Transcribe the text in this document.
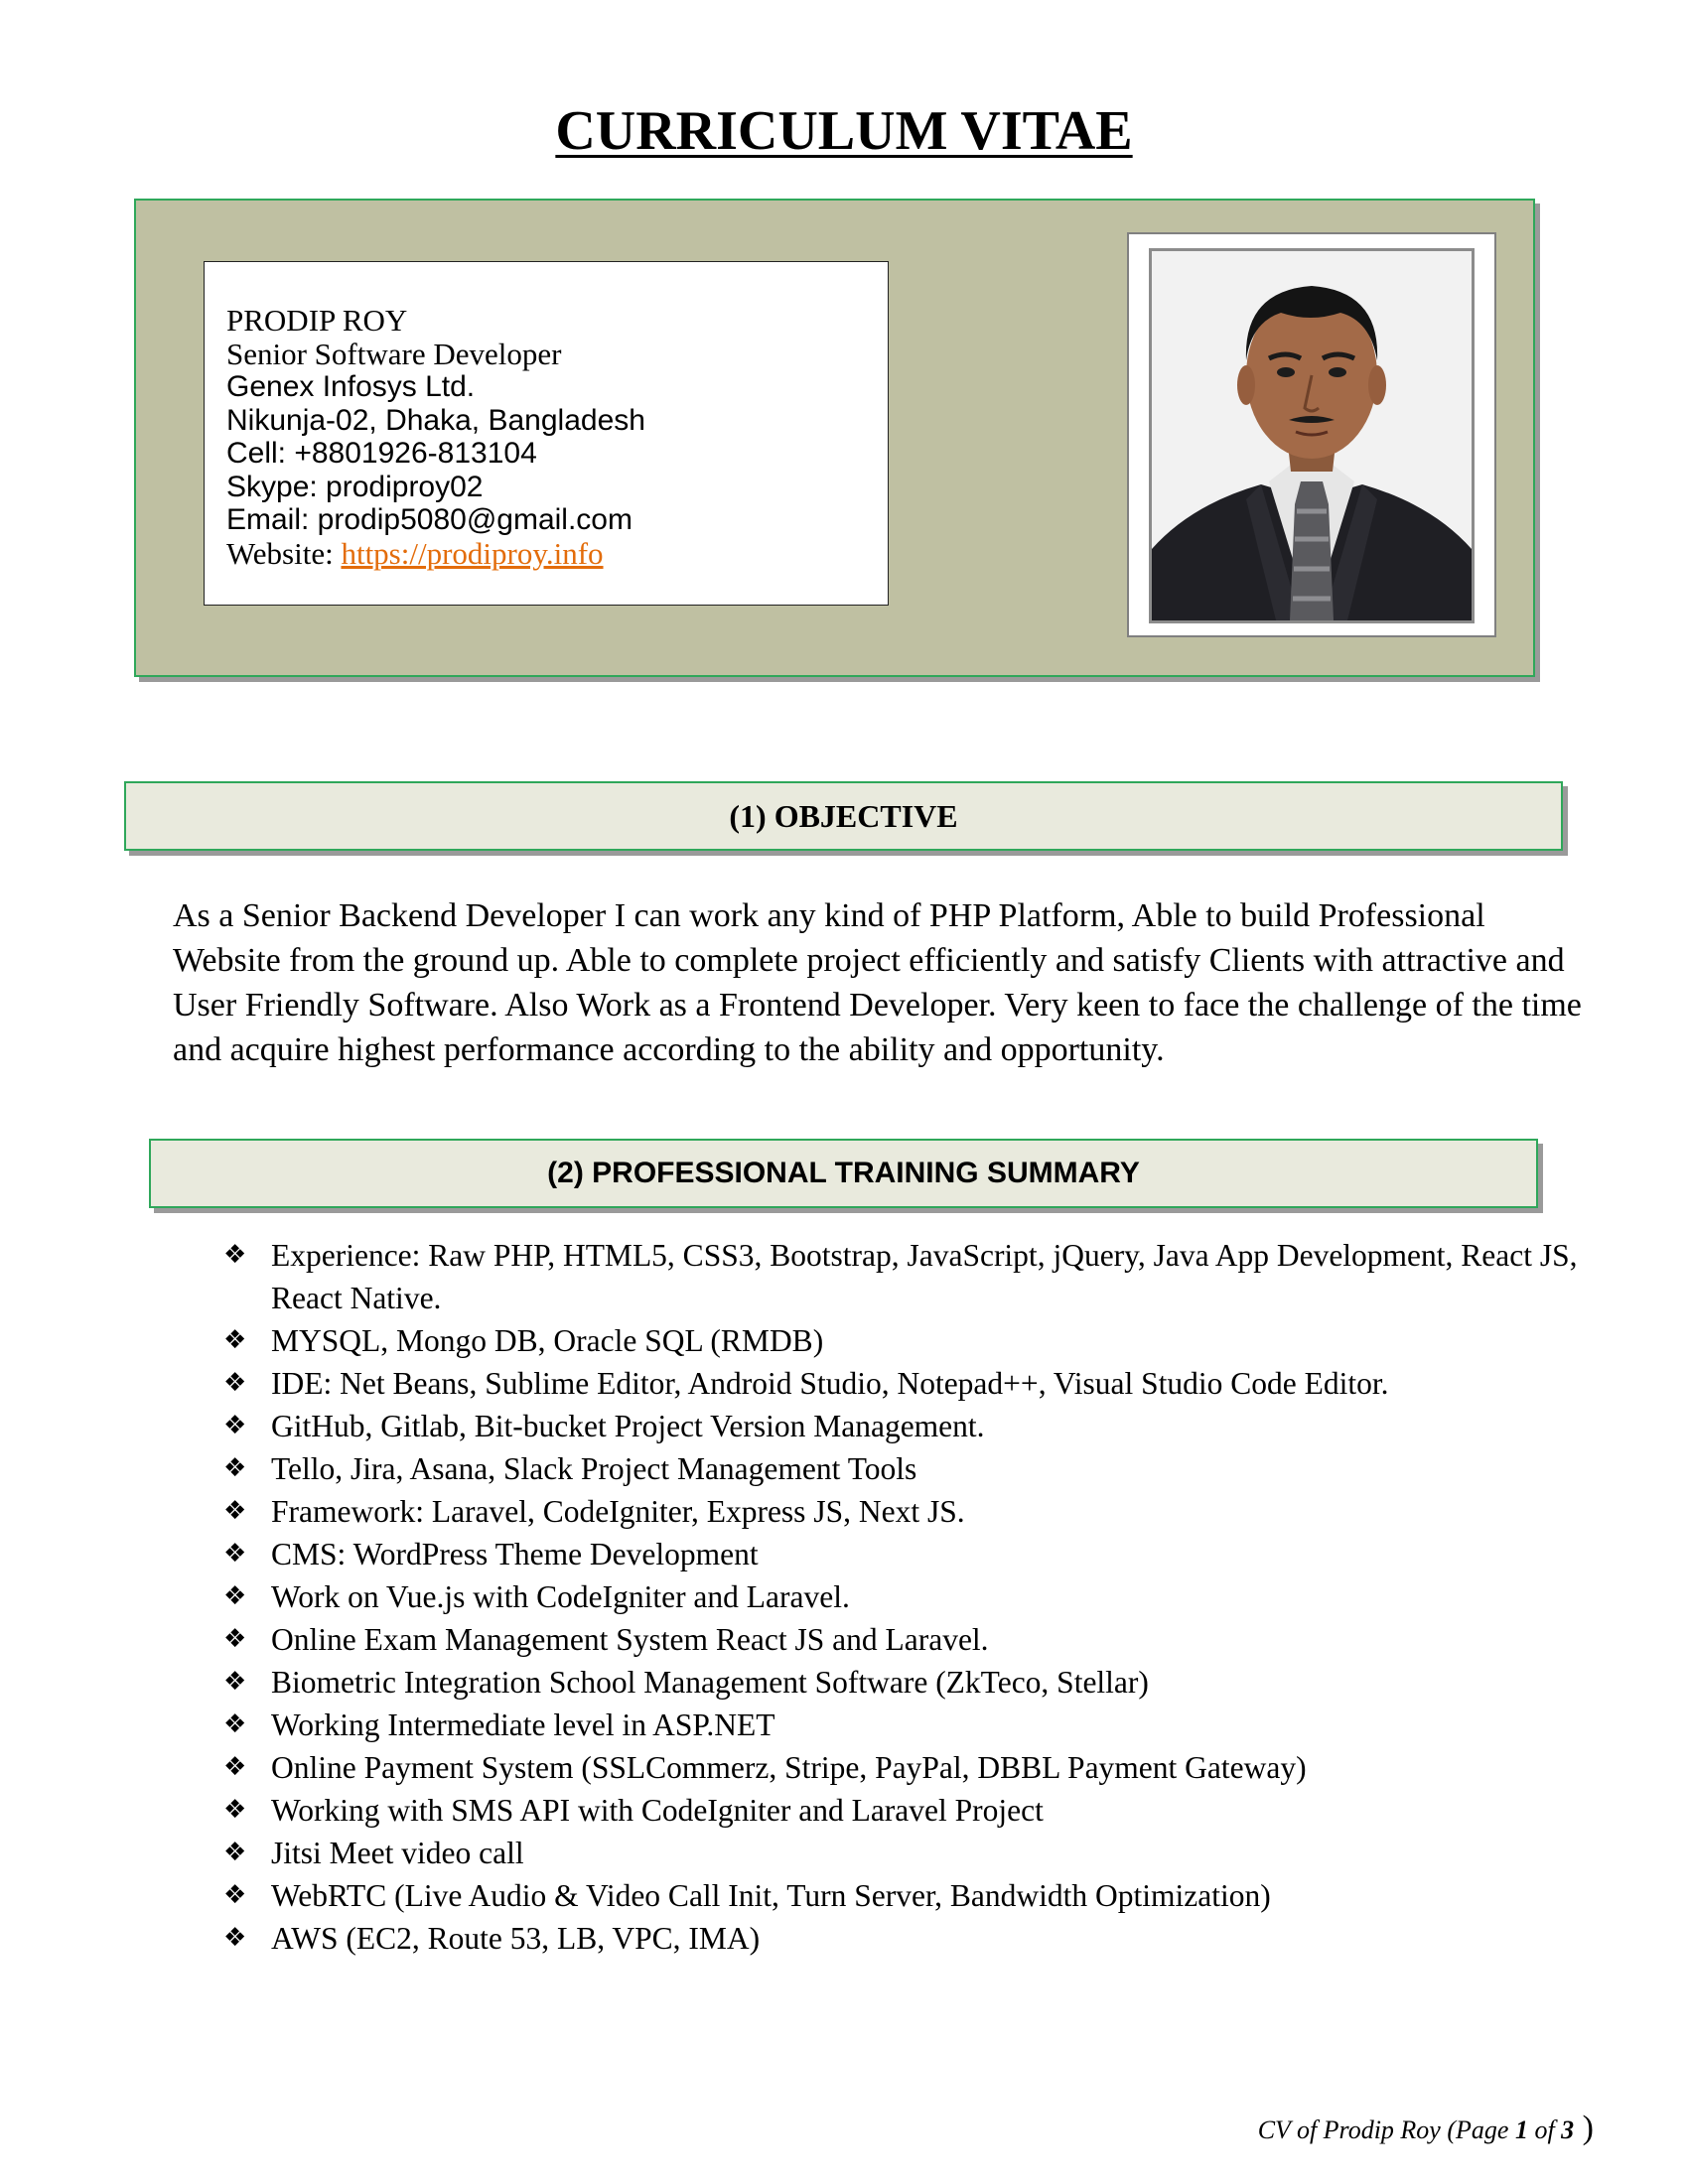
CURRICULUM VITAE
PRODIP ROY
Senior Software Developer
Genex Infosys Ltd.
Nikunja-02, Dhaka, Bangladesh
Cell: +8801926-813104
Skype: prodiproy02
Email: prodip5080@gmail.com
Website: https://prodiproy.info
(1) OBJECTIVE
As a Senior Backend Developer I can work any kind of PHP Platform, Able to build Professional Website from the ground up. Able to complete project efficiently and satisfy Clients with attractive and User Friendly Software. Also Work as a Frontend Developer. Very keen to face the challenge of the time and acquire highest performance according to the ability and opportunity.
(2) PROFESSIONAL TRAINING SUMMARY
❖ Experience: Raw PHP, HTML5, CSS3, Bootstrap, JavaScript, jQuery, Java App Development, React JS, React Native.
❖ MYSQL, Mongo DB, Oracle SQL (RMDB)
❖ IDE: Net Beans, Sublime Editor, Android Studio, Notepad++, Visual Studio Code Editor.
❖ GitHub, Gitlab, Bit-bucket Project Version Management.
❖ Tello, Jira, Asana, Slack Project Management Tools
❖ Framework: Laravel, CodeIgniter, Express JS, Next JS.
❖ CMS: WordPress Theme Development
❖ Work on Vue.js with CodeIgniter and Laravel.
❖ Online Exam Management System React JS and Laravel.
❖ Biometric Integration School Management Software (ZkTeco, Stellar)
❖ Working Intermediate level in ASP.NET
❖ Online Payment System (SSLCommerz, Stripe, PayPal, DBBL Payment Gateway)
❖ Working with SMS API with CodeIgniter and Laravel Project
❖ Jitsi Meet video call
❖ WebRTC (Live Audio & Video Call Init, Turn Server, Bandwidth Optimization)
❖ AWS (EC2, Route 53, LB, VPC, IMA)
CV of Prodip Roy (Page 1 of 3 )
